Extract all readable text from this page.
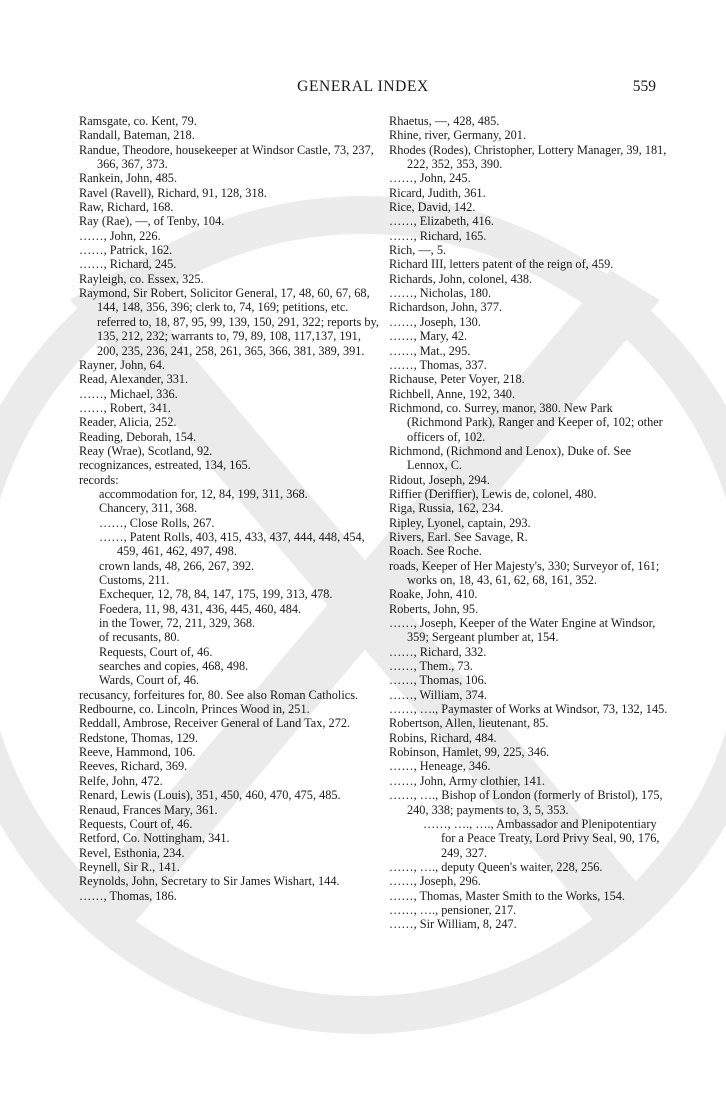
GENERAL INDEX	559

Ramsgate, co. Kent, 79.

Randall, Bateman, 218.

Randue, Theodore, housekeeper at Windsor Castle, 73, 237, 366, 367, 373.

Rankein, John, 485.

Ravel (Ravell), Richard, 91, 128, 318.

Raw, Richard, 168.

Ray (Rae), —, of Tenby, 104.

……, John, 226.

……, Patrick, 162.

……, Richard, 245.

Rayleigh, co. Essex, 325.

Raymond, Sir Robert, Solicitor General, 17, 48, 60, 67, 68, 144, 148, 356, 396; clerk to, 74, 169; petitions, etc. referred to, 18, 87, 95, 99, 139, 150, 291, 322; reports by, 135, 212, 232; warrants to, 79, 89, 108, 117,137, 191, 200, 235, 236, 241, 258, 261, 365, 366, 381, 389, 391.

Rayner, John, 64.

Read, Alexander, 331.

……, Michael, 336.

……, Robert, 341.

Reader, Alicia, 252.

Reading, Deborah, 154.

Reay (Wrae), Scotland, 92.

recognizances, estreated, 134, 165.

records:

accommodation for, 12, 84, 199, 311, 368.

Chancery, 311, 368.

……, Close Rolls, 267.

……, Patent Rolls, 403, 415, 433, 437, 444, 448, 454, 459, 461, 462, 497, 498.

crown lands, 48, 266, 267, 392.

Customs, 211.

Exchequer, 12, 78, 84, 147, 175, 199, 313, 478.

Foedera, 11, 98, 431, 436, 445, 460, 484.

in the Tower, 72, 211, 329, 368.

of recusants, 80.

Requests, Court of, 46.

searches and copies, 468, 498.

Wards, Court of, 46.

recusancy, forfeitures for, 80. See also Roman Catholics.

Redbourne, co. Lincoln, Princes Wood in, 251.

Reddall, Ambrose, Receiver General of Land Tax, 272.

Redstone, Thomas, 129.

Reeve, Hammond, 106.

Reeves, Richard, 369.

Relfe, John, 472.

Renard, Lewis (Louis), 351, 450, 460, 470, 475, 485.

Renaud, Frances Mary, 361.

Requests, Court of, 46.

Retford, Co. Nottingham, 341.

Revel, Esthonia, 234.

Reynell, Sir R., 141.

Reynolds, John, Secretary to Sir James Wishart, 144.

……, Thomas, 186.

Rhaetus, —, 428, 485.

Rhine, river, Germany, 201.

Rhodes (Rodes), Christopher, Lottery Manager, 39, 181, 222, 352, 353, 390.

……, John, 245.

Ricard, Judith, 361.

Rice, David, 142.

……, Elizabeth, 416.

……, Richard, 165.

Rich, —, 5.

Richard III, letters patent of the reign of, 459.

Richards, John, colonel, 438.

……, Nicholas, 180.

Richardson, John, 377.

……, Joseph, 130.

……, Mary, 42.

……, Mat., 295.

……, Thomas, 337.

Richause, Peter Voyer, 218.

Richbell, Anne, 192, 340.

Richmond, co. Surrey, manor, 380. New Park (Richmond Park), Ranger and Keeper of, 102; other officers of, 102.

Richmond, (Richmond and Lenox), Duke of. See Lennox, C.

Ridout, Joseph, 294.

Riffier (Deriffier), Lewis de, colonel, 480.

Riga, Russia, 162, 234.

Ripley, Lyonel, captain, 293.

Rivers, Earl. See Savage, R.

Roach. See Roche.

roads, Keeper of Her Majesty's, 330; Surveyor of, 161; works on, 18, 43, 61, 62, 68, 161, 352.

Roake, John, 410.

Roberts, John, 95.

……, Joseph, Keeper of the Water Engine at Windsor, 359; Sergeant plumber at, 154.

……, Richard, 332.

……, Them., 73.

……, Thomas, 106.

……, William, 374.

……, …., Paymaster of Works at Windsor, 73, 132, 145.

Robertson, Allen, lieutenant, 85.

Robins, Richard, 484.

Robinson, Hamlet, 99, 225, 346.

……, Heneage, 346.

……, John, Army clothier, 141.

……, …., Bishop of London (formerly of Bristol), 175, 240, 338; payments to, 3, 5, 353.

……, …., …., Ambassador and Plenipotentiary for a Peace Treaty, Lord Privy Seal, 90, 176, 249, 327.

……, …., deputy Queen's waiter, 228, 256.

……, Joseph, 296.

……, Thomas, Master Smith to the Works, 154.

……, …., pensioner, 217.

……, Sir William, 8, 247.
